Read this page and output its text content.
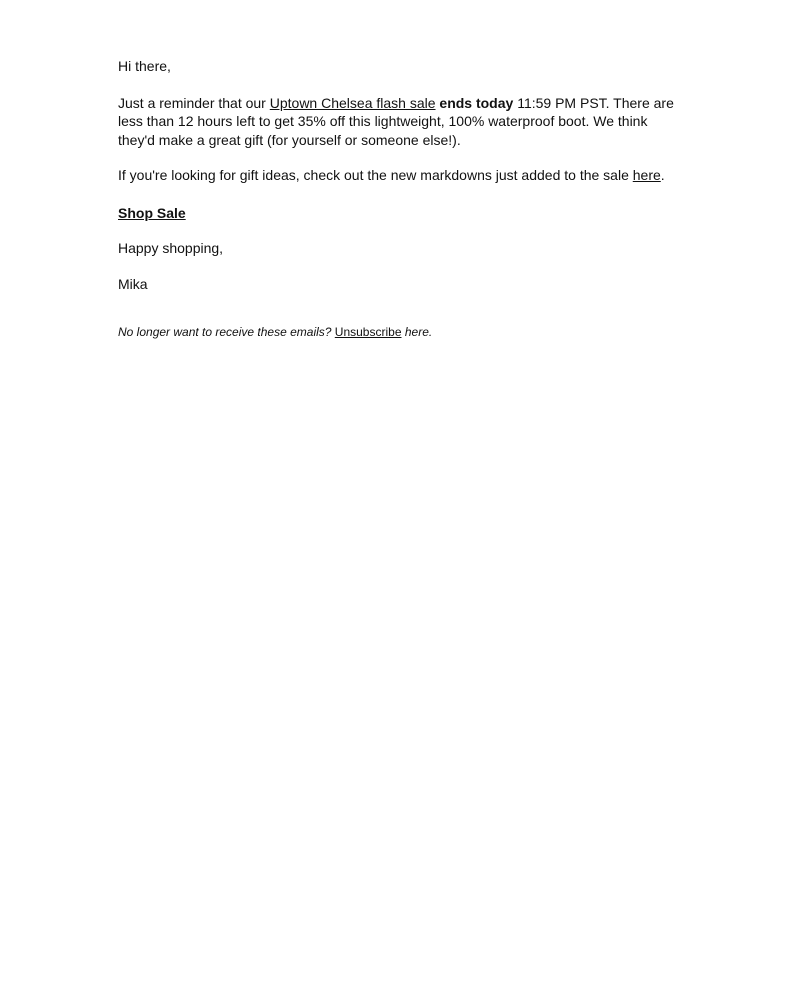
Hi there,

Just a reminder that our Uptown Chelsea flash sale ends today 11:59 PM PST. There are less than 12 hours left to get 35% off this lightweight, 100% waterproof boot. We think they'd make a great gift (for yourself or someone else!).

If you're looking for gift ideas, check out the new markdowns just added to the sale here.

Shop Sale

Happy shopping,

Mika

No longer want to receive these emails? Unsubscribe here.
